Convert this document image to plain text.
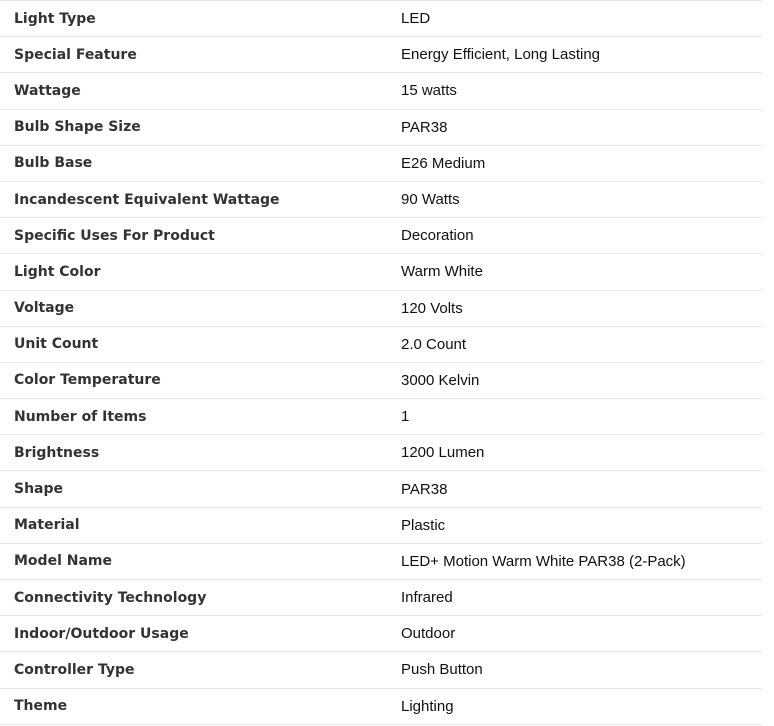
Light Type	LED
Special Feature	Energy Efficient, Long Lasting
Wattage	15 watts
Bulb Shape Size	PAR38
Bulb Base	E26 Medium
Incandescent Equivalent Wattage	90 Watts
Specific Uses For Product	Decoration
Light Color	Warm White
Voltage	120 Volts
Unit Count	2.0 Count
Color Temperature	3000 Kelvin
Number of Items	1
Brightness	1200 Lumen
Shape	PAR38
Material	Plastic
Model Name	LED+ Motion Warm White PAR38 (2-Pack)
Connectivity Technology	Infrared
Indoor/Outdoor Usage	Outdoor
Controller Type	Push Button
Theme	Lighting
